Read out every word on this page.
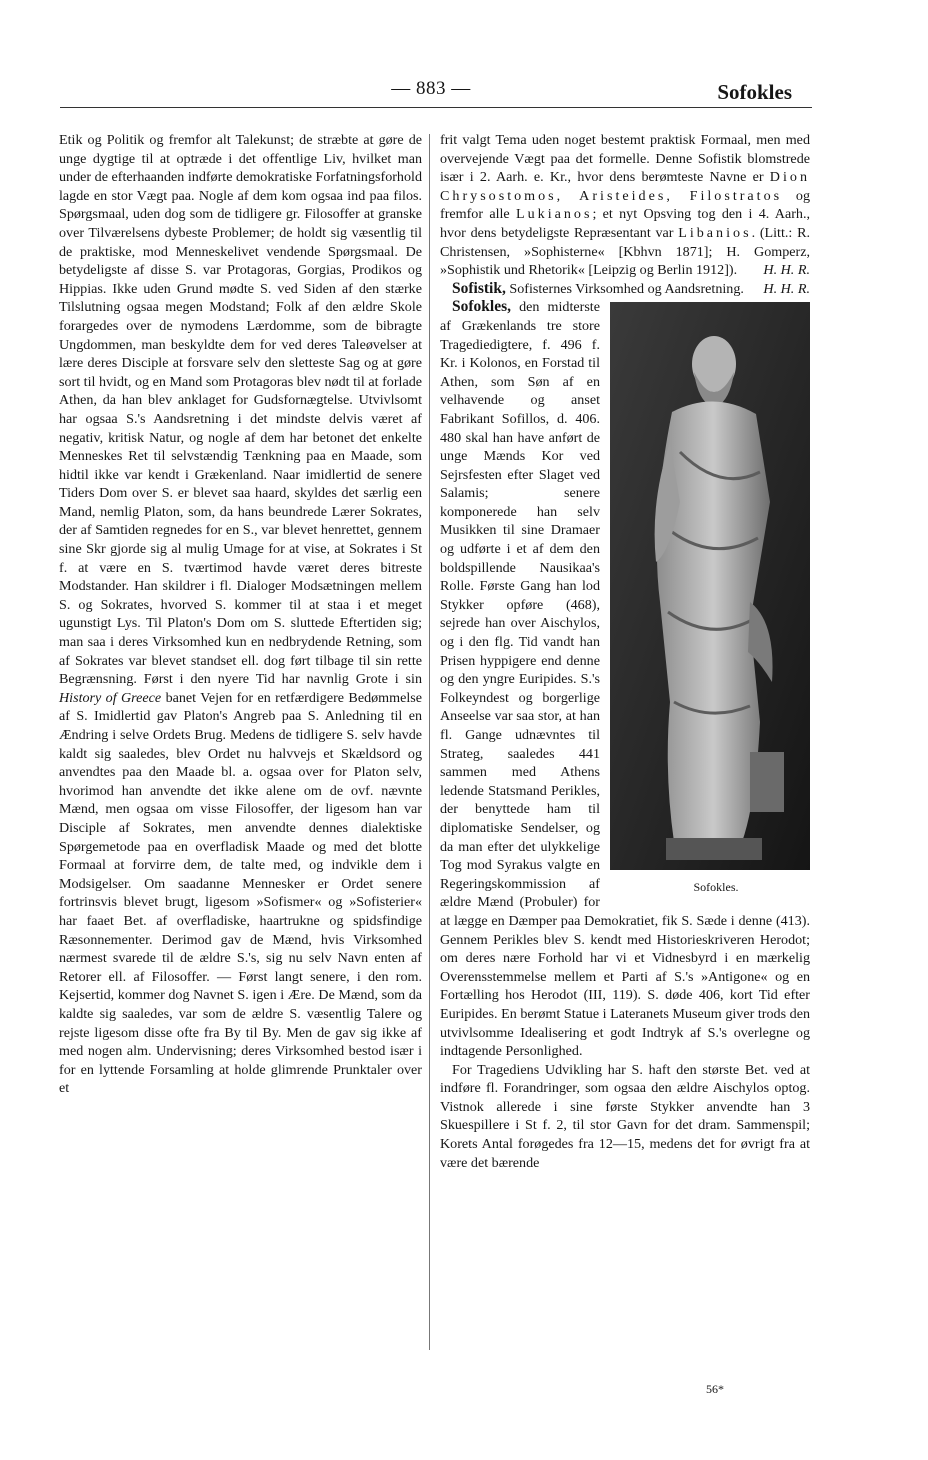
— 883 —	Sofokles

Etik og Politik og fremfor alt Talekunst; de stræbte at gøre de unge dygtige til at optræde i det offentlige Liv, hvilket man under de efterhaanden indførte demokratiske Forfatningsforhold lagde en stor Vægt paa. Nogle af dem kom ogsaa ind paa filos. Spørgsmaal, uden dog som de tidligere gr. Filosoffer at granske over Tilværelsens dybeste Problemer; de holdt sig væsentlig til de praktiske, mod Menneskelivet vendende Spørgsmaal. De betydeligste af disse S. var Protagoras, Gorgias, Prodikos og Hippias. Ikke uden Grund mødte S. ved Siden af den stærke Tilslutning ogsaa megen Modstand; Folk af den ældre Skole forargedes over de nymodens Lærdomme, som de bibragte Ungdommen, man beskyldte dem for ved deres Taleøvelser at lære deres Disciple at forsvare selv den sletteste Sag og at gøre sort til hvidt, og en Mand som Protagoras blev nødt til at forlade Athen, da han blev anklaget for Gudsfornægtelse. Utvivlsomt har ogsaa S.'s Aandsretning i det mindste delvis været af negativ, kritisk Natur, og nogle af dem har betonet det enkelte Menneskes Ret til selvstændig Tænkning paa en Maade, som hidtil ikke var kendt i Grækenland. Naar imidlertid de senere Tiders Dom over S. er blevet saa haard, skyldes det særlig een Mand, nemlig Platon, som, da hans beundrede Lærer Sokrates, der af Samtiden regnedes for en S., var blevet henrettet, gennem sine Skr gjorde sig al mulig Umage for at vise, at Sokrates i St f. at være en S. tværtimod havde været deres bitreste Modstander. Han skildrer i fl. Dialoger Modsætningen mellem S. og Sokrates, hvorved S. kommer til at staa i et meget ugunstigt Lys. Til Platon's Dom om S. sluttede Eftertiden sig; man saa i deres Virksomhed kun en nedbrydende Retning, som af Sokrates var blevet standset ell. dog ført tilbage til sin rette Begrænsning. Først i den nyere Tid har navnlig Grote i sin History of Greece banet Vejen for en retfærdigere Bedømmelse af S. Imidlertid gav Platon's Angreb paa S. Anledning til en Ændring i selve Ordets Brug. Medens de tidligere S. selv havde kaldt sig saaledes, blev Ordet nu halvvejs et Skældsord og anvendtes paa den Maade bl. a. ogsaa over for Platon selv, hvorimod han anvendte det ikke alene om de ovf. nævnte Mænd, men ogsaa om visse Filosoffer, der ligesom han var Disciple af Sokrates, men anvendte dennes dialektiske Spørgemetode paa en overfladisk Maade og med det blotte Formaal at forvirre dem, de talte med, og indvikle dem i Modsigelser. Om saadanne Mennesker er Ordet senere fortrinsvis blevet brugt, ligesom »Sofismer« og »Sofisterier« har faaet Bet. af overfladiske, haartrukne og spidsfindige Ræsonnementer. Derimod gav de Mænd, hvis Virksomhed nærmest svarede til de ældre S.'s, sig nu selv Navn enten af Retorer ell. af Filosoffer. — Først langt senere, i den rom. Kejsertid, kommer dog Navnet S. igen i Ære. De Mænd, som da kaldte sig saaledes, var som de ældre S. væsentlig Talere og rejste ligesom disse ofte fra By til By. Men de gav sig ikke af med nogen alm. Undervisning; deres Virksomhed bestod især i for en lyttende Forsamling at holde glimrende Prunktaler over et

frit valgt Tema uden noget bestemt praktisk Formaal, men med overvejende Vægt paa det formelle. Denne Sofistik blomstrede især i 2. Aarh. e. Kr., hvor dens berømteste Navne er Dion Chrysostomos, Aristeides, Filostratos og fremfor alle Lukianos; et nyt Opsving tog den i 4. Aarh., hvor dens betydeligste Repræsentant var Libanios. (Litt.: R. Christensen, »Sophisterne« [Kbhvn 1871]; H. Gomperz, »Sophistik und Rhetorik« [Leipzig og Berlin 1912]). H. H. R.

Sofistik, Sofisternes Virksomhed og Aandsretning.	H. H. R.

Sofokles,
Sofokles.
den midterste af Grækenlands tre store Tragediedigtere, f. 496 f. Kr. i Kolonos, en Forstad til Athen, som Søn af en velhavende og anset Fabrikant Sofillos, d. 406. 480 skal han have anført de unge Mænds Kor ved Sejrsfesten efter Slaget ved Salamis; senere komponerede han selv Musikken til sine Dramaer og udførte i et af dem den boldspillende Nausikaa's Rolle. Første Gang han lod Stykker opføre (468), sejrede han over Aischylos, og i den flg. Tid vandt han Prisen hyppigere end denne og den yngre Euripides. S.'s Folkeyndest og borgerlige Anseelse var saa stor, at han fl. Gange udnævntes til Strateg, saaledes 441 sammen med Athens ledende Statsmand Perikles, der benyttede ham til diplomatiske Sendelser, og da man efter det ulykkelige Tog mod Syrakus valgte en Regeringskommission af ældre Mænd (Probuler) for at lægge en Dæmper paa Demokratiet, fik S. Sæde i denne (413). Gennem Perikles blev S. kendt med Historieskriveren Herodot; om deres nære Forhold har vi et Vidnesbyrd i en mærkelig Overensstemmelse mellem et Parti af S.'s »Antigone« og en Fortælling hos Herodot (III, 119). S. døde 406, kort Tid efter Euripides. En berømt Statue i Lateranets Museum giver trods den utvivlsomme Idealisering et godt Indtryk af S.'s overlegne og indtagende Personlighed.

For Tragediens Udvikling har S. haft den største Bet. ved at indføre fl. Forandringer, som ogsaa den ældre Aischylos optog. Vistnok allerede i sine første Stykker anvendte han 3 Skuespillere i St f. 2, til stor Gavn for det dram. Sammenspil; Korets Antal forøgedes fra 12—15, medens det for øvrigt fra at være det bærende

56*
